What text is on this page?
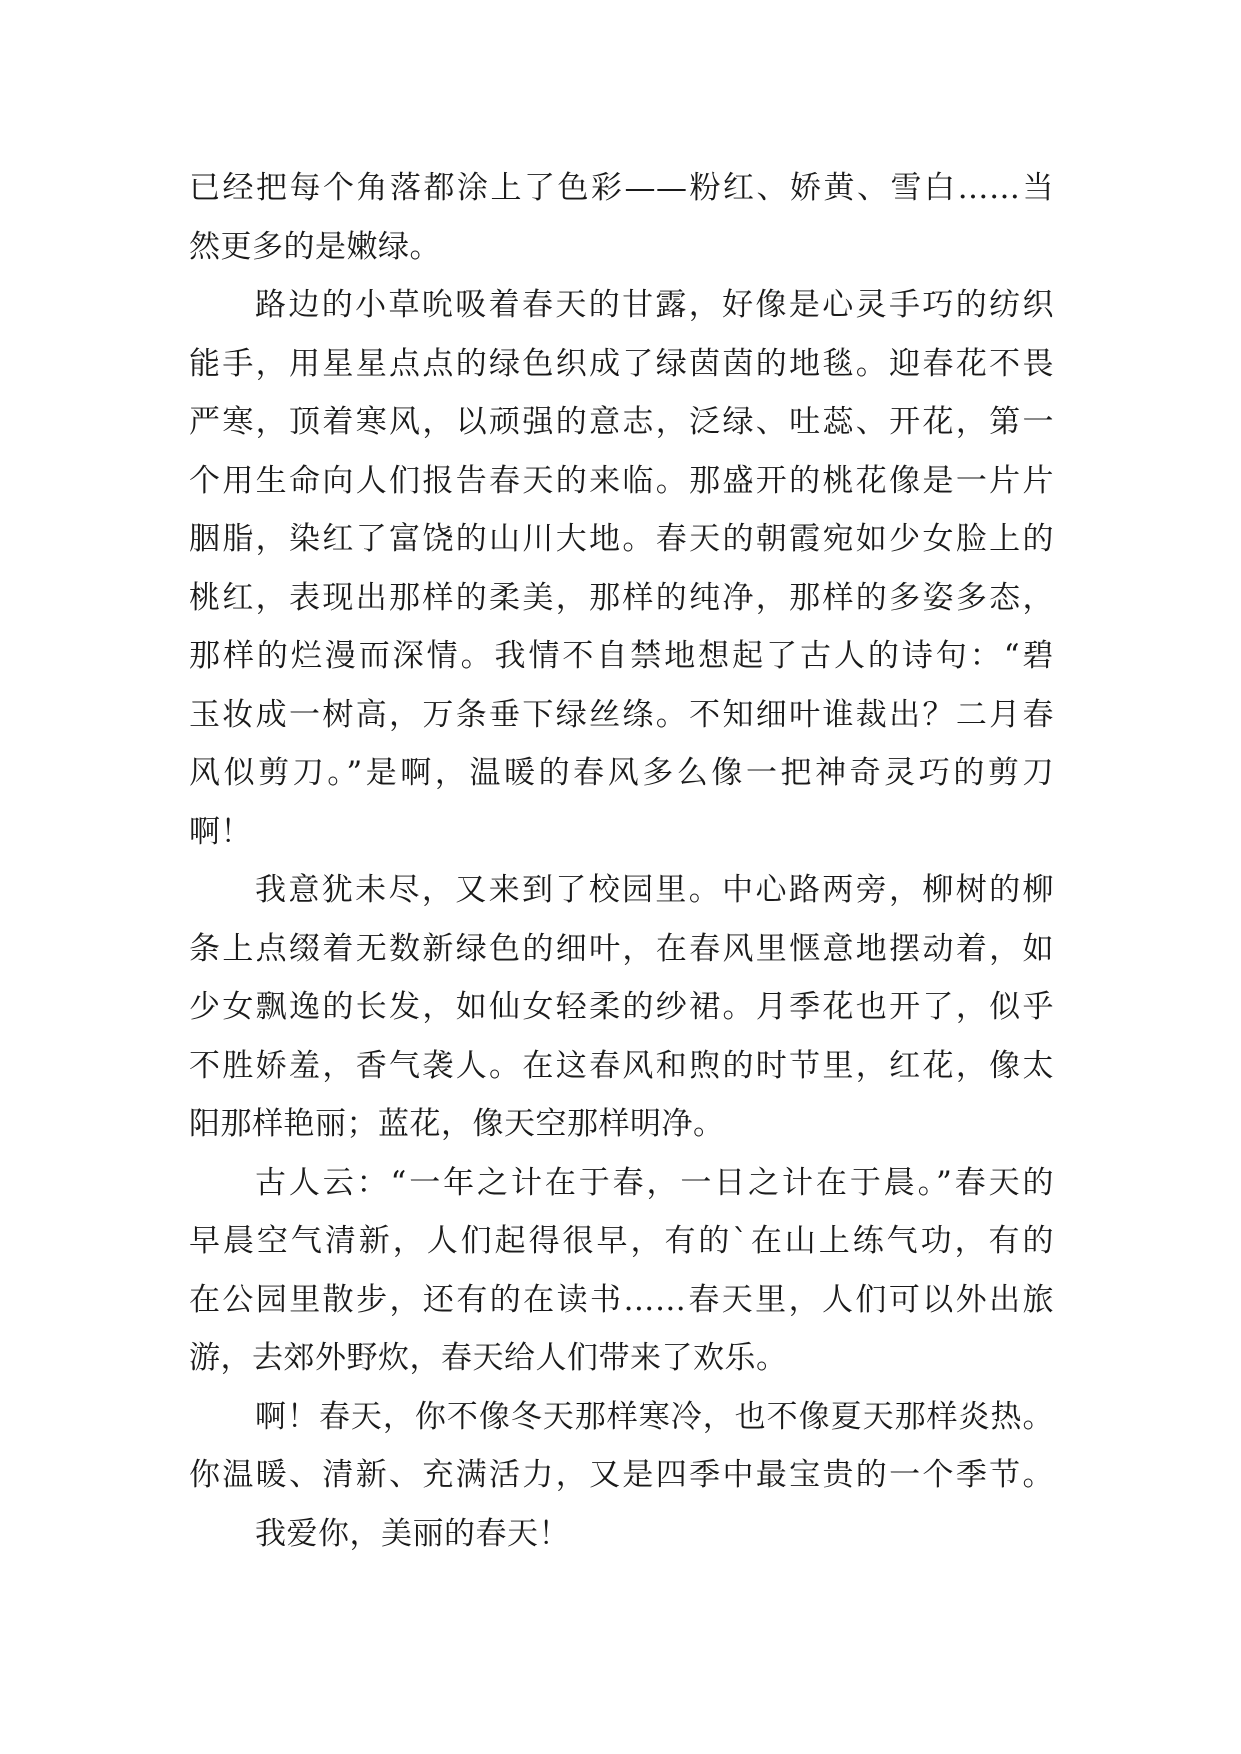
已经把每个角落都涂上了色彩——粉红、娇黄、雪白……当
然更多的是嫩绿。
路边的小草吮吸着春天的甘露，好像是心灵手巧的纺织
能手，用星星点点的绿色织成了绿茵茵的地毯。迎春花不畏
严寒，顶着寒风，以顽强的意志，泛绿、吐蕊、开花，第一
个用生命向人们报告春天的来临。那盛开的桃花像是一片片
胭脂，染红了富饶的山川大地。春天的朝霞宛如少女脸上的
桃红，表现出那样的柔美，那样的纯净，那样的多姿多态，
那样的烂漫而深情。我情不自禁地想起了古人的诗句：“碧
玉妆成一树高，万条垂下绿丝绦。不知细叶谁裁出？二月春
风似剪刀。”是啊，温暖的春风多么像一把神奇灵巧的剪刀
啊！
我意犹未尽，又来到了校园里。中心路两旁，柳树的柳
条上点缀着无数新绿色的细叶，在春风里惬意地摆动着，如
少女飘逸的长发，如仙女轻柔的纱裙。月季花也开了，似乎
不胜娇羞，香气袭人。在这春风和煦的时节里，红花，像太
阳那样艳丽；蓝花，像天空那样明净。
古人云：“一年之计在于春，一日之计在于晨。”春天的
早晨空气清新，人们起得很早，有的`在山上练气功，有的
在公园里散步，还有的在读书……春天里，人们可以外出旅
游，去郊外野炊，春天给人们带来了欢乐。
啊！春天，你不像冬天那样寒冷，也不像夏天那样炎热。
你温暖、清新、充满活力，又是四季中最宝贵的一个季节。
我爱你，美丽的春天！
